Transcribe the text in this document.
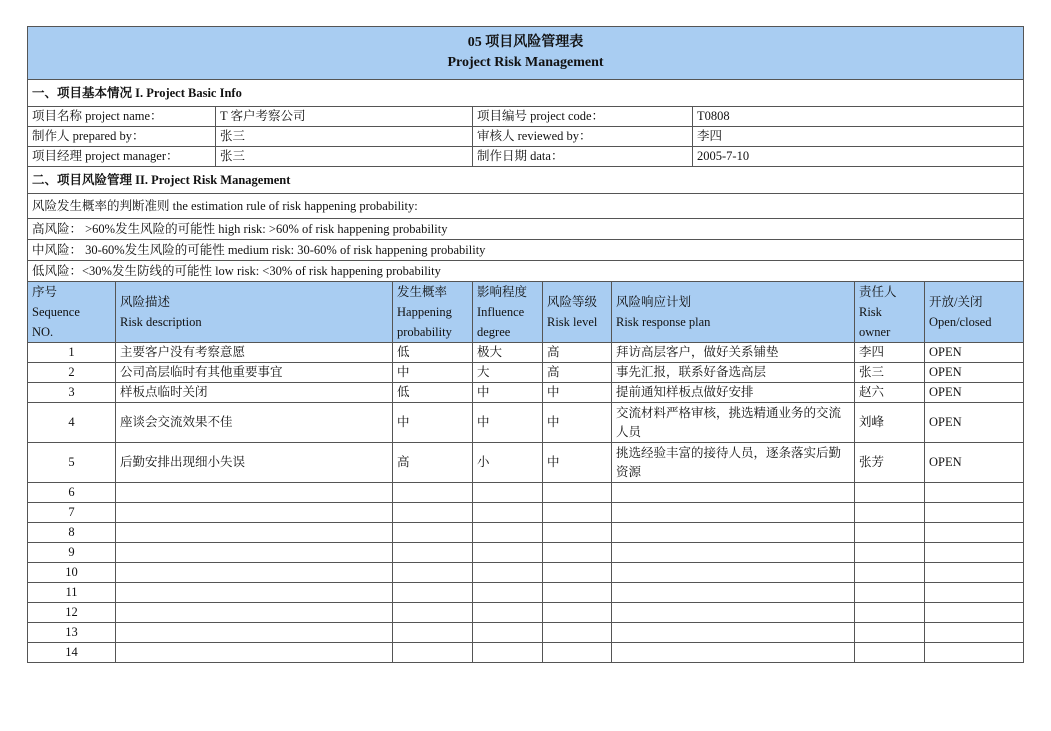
05 项目风险管理表
Project Risk Management									

一、项目基本情况 I. Project Basic Info									
项目名称 project name：		T 客户考察公司		项目编号 project code：			T0808		
制作人 prepared by：		张三		审核人 reviewed by：			李四		
项目经理 project manager：		张三		制作日期 data：			2005-7-10		
二、项目风险管理 II. Project Risk Management									
风险发生概率的判断准则 the estimation rule of risk happening probability:									
高风险： >60%发生风险的可能性 high risk: >60% of risk happening probability									
中风险： 30-60%发生风险的可能性 medium risk: 30-60% of risk happening probability									
低风险：<30%发生防线的可能性 low risk: <30% of risk happening probability									

序号
Sequence
NO.	风险描述
Risk description		发生概率
Happening
probability	影响程度
Influence
degree	风险等级
Risk level	风险响应计划
Risk response plan		责任人
Risk
owner	开放/关闭
Open/closed

1	主要客户没有考察意愿		低	极大	高	拜访高层客户，做好关系铺垫		李四	OPEN
2	公司高层临时有其他重要事宜		中	大	高	事先汇报，联系好备选高层		张三	OPEN
3	样板点临时关闭		低	中	中	提前通知样板点做好安排		赵六	OPEN
4	座谈会交流效果不佳		中	中	中	交流材料严格审核，挑选精通业务的交流人员		刘峰	OPEN
5	后勤安排出现细小失误		高	小	中	挑选经验丰富的接待人员，逐条落实后勤资源		张芳	OPEN
6									
7									
8									
9									
10									
11									
12									
13									
14									
